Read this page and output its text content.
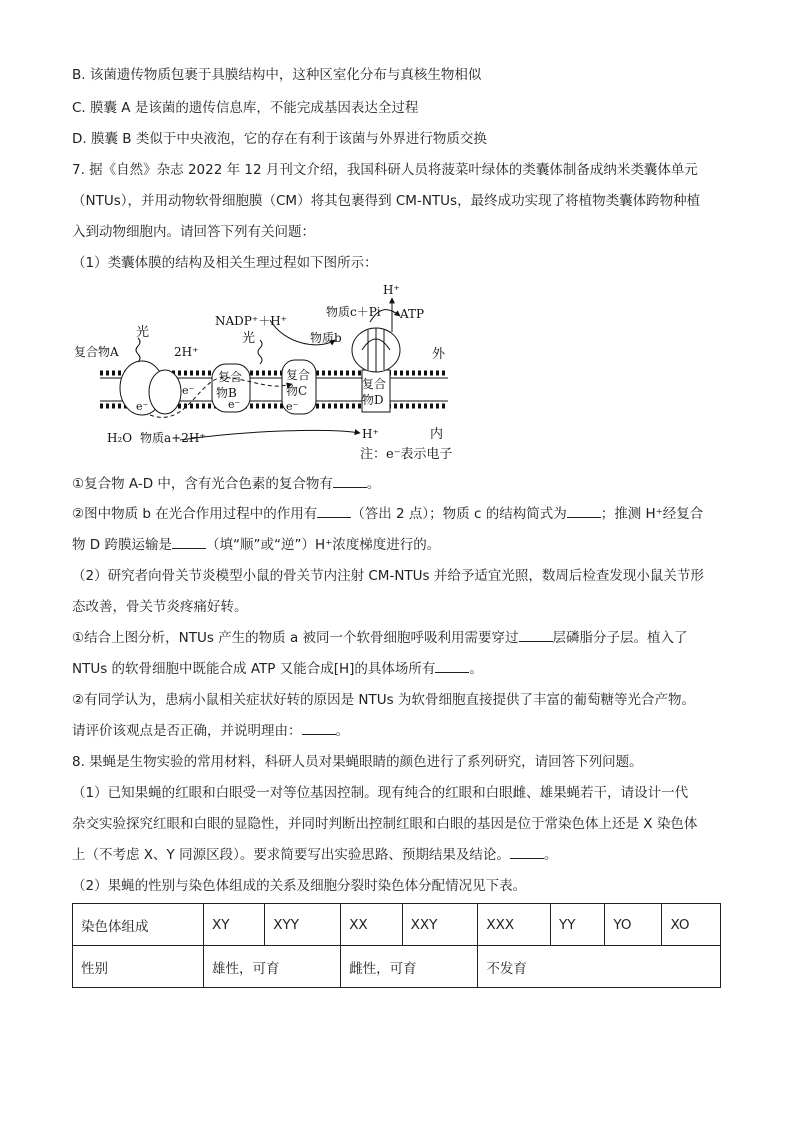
B. 该菌遗传物质包裹于具膜结构中，这种区室化分布与真核生物相似
C. 膜囊 A 是该菌的遗传信息库，不能完成基因表达全过程
D. 膜囊 B 类似于中央液泡，它的存在有利于该菌与外界进行物质交换
7. 据《自然》杂志 2022 年 12 月刊文介绍，我国科研人员将菠菜叶绿体的类囊体制备成纳米类囊体单元
（NTUs），并用动物软骨细胞膜（CM）将其包裹得到 CM-NTUs，最终成功实现了将植物类囊体跨物种植
入到动物细胞内。请回答下列有关问题：
（1）类囊体膜的结构及相关生理过程如下图所示：
H⁺
物质c＋Pi ATP
NADP⁺＋H⁺
光	光	物质b
复合物A	2H⁺	外
复合
物B
复合
物C	复合
物D
e⁻
e⁻
e⁻	e⁻
H₂O 物质a+2H⁺	H⁺	内
注：e⁻表示电子
①复合物 A-D 中，含有光合色素的复合物有	。
②图中物质 b 在光合作用过程中的作用有	（答出 2 点）；物质 c 的结构简式为	；推测 H⁺经复合
物 D 跨膜运输是	（填“顺”或“逆”）H⁺浓度梯度进行的。
（2）研究者向骨关节炎模型小鼠的骨关节内注射 CM-NTUs 并给予适宜光照，数周后检查发现小鼠关节形
态改善，骨关节炎疼痛好转。
①结合上图分析，NTUs 产生的物质 a 被同一个软骨细胞呼吸利用需要穿过	层磷脂分子层。植入了
NTUs 的软骨细胞中既能合成 ATP 又能合成[H]的具体场所有	。
②有同学认为，患病小鼠相关症状好转的原因是 NTUs 为软骨细胞直接提供了丰富的葡萄糖等光合产物。
请评价该观点是否正确，并说明理由：	。
8. 果蝇是生物实验的常用材料，科研人员对果蝇眼睛的颜色进行了系列研究，请回答下列问题。
（1）已知果蝇的红眼和白眼受一对等位基因控制。现有纯合的红眼和白眼雌、雄果蝇若干，请设计一代
杂交实验探究红眼和白眼的显隐性，并同时判断出控制红眼和白眼的基因是位于常染色体上还是 X 染色体
上（不考虑 X、Y 同源区段）。要求简要写出实验思路、预期结果及结论。	。
（2）果蝇的性别与染色体组成的关系及细胞分裂时染色体分配情况见下表。
染色体组成	XY	XYY	XX	XXY	XXX	YY	YO	XO
性别	雄性，可育		雌性，可育		不发育			
